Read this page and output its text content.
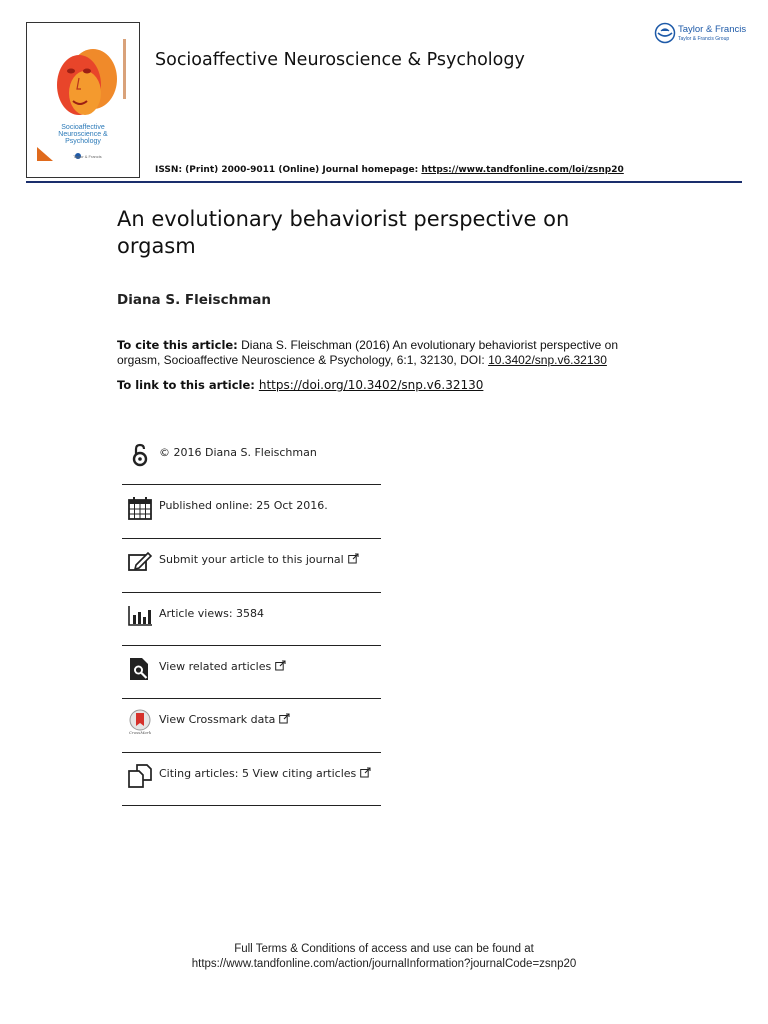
Socioaffective
Neuroscience &
Psychology
Taylor & Francis
Socioaffective Neuroscience & Psychology
ISSN: (Print) 2000-9011 (Online) Journal homepage: https://www.tandfonline.com/loi/zsnp20
Taylor & Francis
Taylor & Francis Group
An evolutionary behaviorist perspective on orgasm
Diana S. Fleischman
To cite this article: Diana S. Fleischman (2016) An evolutionary behaviorist perspective on orgasm, Socioaffective Neuroscience & Psychology, 6:1, 32130, DOI: 10.3402/snp.v6.32130
To link to this article: https://doi.org/10.3402/snp.v6.32130
© 2016 Diana S. Fleischman
Published online: 25 Oct 2016.
Submit your article to this journal
Article views: 3584
View related articles
CrossMark
View Crossmark data
Citing articles: 5 View citing articles
Full Terms & Conditions of access and use can be found at
https://www.tandfonline.com/action/journalInformation?journalCode=zsnp20
